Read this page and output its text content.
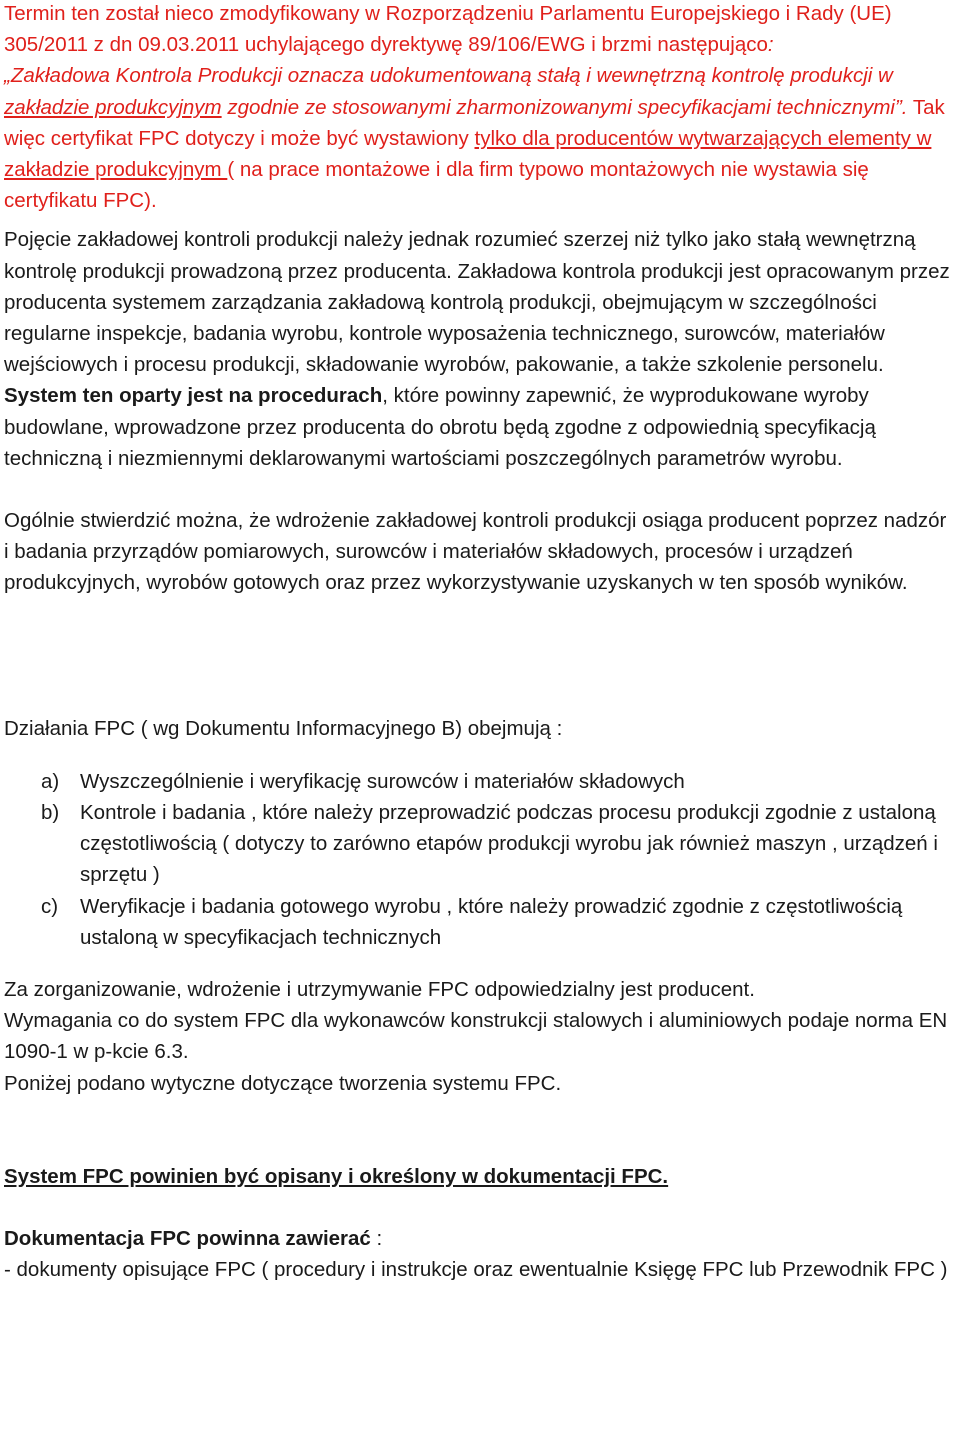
Termin ten został nieco zmodyfikowany w Rozporządzeniu Parlamentu Europejskiego i Rady (UE) 305/2011 z dn 09.03.2011 uchylającego dyrektywę 89/106/EWG i brzmi następująco:
„Zakładowa Kontrola Produkcji oznacza udokumentowaną stałą i wewnętrzną kontrolę produkcji w zakładzie produkcyjnym zgodnie ze stosowanymi zharmonizowanymi specyfikacjami technicznymi”. Tak więc certyfikat FPC dotyczy i może być wystawiony tylko dla producentów wytwarzających elementy w zakładzie produkcyjnym ( na prace montażowe i dla firm typowo montażowych nie wystawia się certyfikatu FPC).

Pojęcie zakładowej kontroli produkcji należy jednak rozumieć szerzej niż tylko jako stałą wewnętrzną kontrolę produkcji prowadzoną przez producenta. Zakładowa kontrola produkcji jest opracowanym przez producenta systemem zarządzania zakładową kontrolą produkcji, obejmującym w szczególności regularne inspekcje, badania wyrobu, kontrole wyposażenia technicznego, surowców, materiałów wejściowych i procesu produkcji, składowanie wyrobów, pakowanie, a także szkolenie personelu. System ten oparty jest na procedurach, które powinny zapewnić, że wyprodukowane wyroby budowlane, wprowadzone przez producenta do obrotu będą zgodne z odpowiednią specyfikacją techniczną i niezmiennymi deklarowanymi wartościami poszczególnych parametrów wyrobu.

Ogólnie stwierdzić można, że wdrożenie zakładowej kontroli produkcji osiąga producent poprzez nadzór i badania przyrządów pomiarowych, surowców i materiałów składowych, procesów i urządzeń produkcyjnych, wyrobów gotowych oraz przez wykorzystywanie uzyskanych w ten sposób wyników.

Działania FPC ( wg Dokumentu Informacyjnego B) obejmują :

a) Wyszczególnienie i weryfikację surowców i materiałów składowych
b) Kontrole i badania , które należy przeprowadzić podczas procesu produkcji zgodnie z ustaloną częstotliwością ( dotyczy to zarówno etapów produkcji wyrobu jak również maszyn , urządzeń i sprzętu )
c) Weryfikacje i badania gotowego wyrobu , które należy prowadzić zgodnie z częstotliwością ustaloną w specyfikacjach technicznych

Za zorganizowanie, wdrożenie i utrzymywanie FPC odpowiedzialny jest producent.

Wymagania co do system FPC dla wykonawców konstrukcji stalowych i aluminiowych podaje norma EN 1090-1 w p-kcie 6.3.

Poniżej podano wytyczne dotyczące tworzenia systemu FPC.

System FPC powinien być opisany i określony w dokumentacji FPC.

Dokumentacja FPC powinna zawierać :

- dokumenty opisujące FPC ( procedury i instrukcje oraz ewentualnie Księgę FPC lub Przewodnik FPC )
